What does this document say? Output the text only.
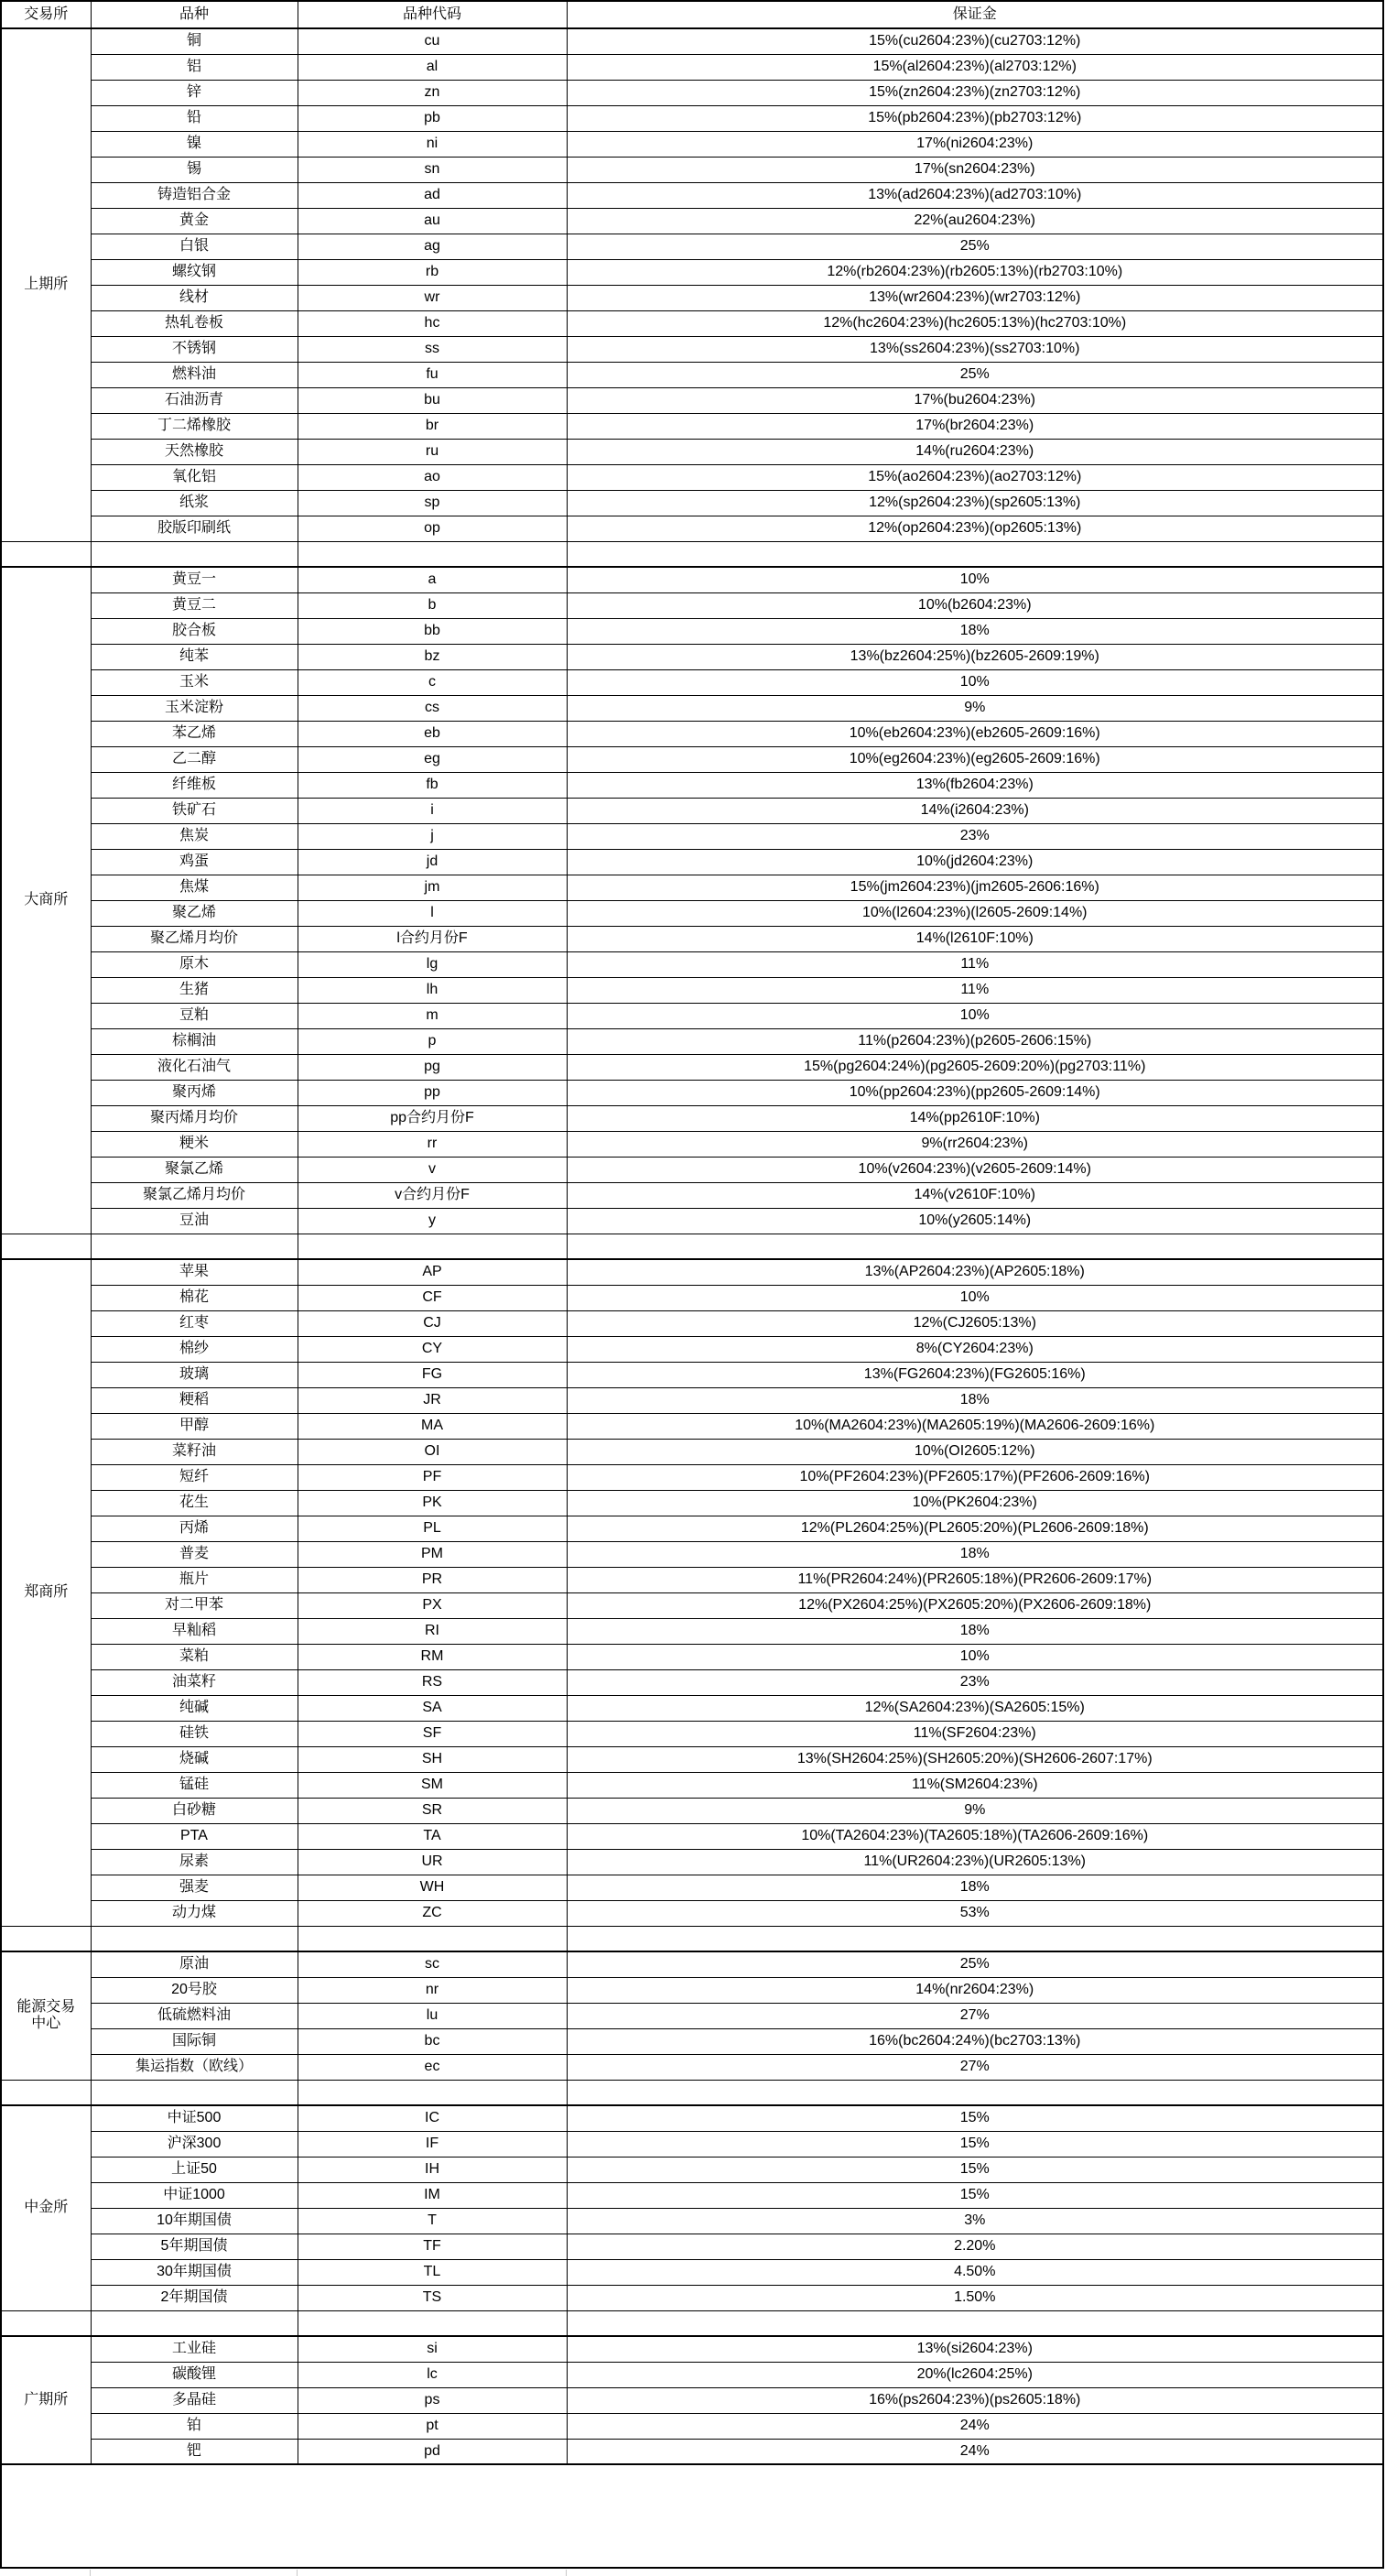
交易所	品种	品种代码	保证金
上期所	铜	cu	15%(cu2604:23%)(cu2703:12%)
	铝	al	15%(al2604:23%)(al2703:12%)
	锌	zn	15%(zn2604:23%)(zn2703:12%)
	铅	pb	15%(pb2604:23%)(pb2703:12%)
	镍	ni	17%(ni2604:23%)
	锡	sn	17%(sn2604:23%)
	铸造铝合金	ad	13%(ad2604:23%)(ad2703:10%)
	黄金	au	22%(au2604:23%)
	白银	ag	25%
	螺纹钢	rb	12%(rb2604:23%)(rb2605:13%)(rb2703:10%)
	线材	wr	13%(wr2604:23%)(wr2703:12%)
	热轧卷板	hc	12%(hc2604:23%)(hc2605:13%)(hc2703:10%)
	不锈钢	ss	13%(ss2604:23%)(ss2703:10%)
	燃料油	fu	25%
	石油沥青	bu	17%(bu2604:23%)
	丁二烯橡胶	br	17%(br2604:23%)
	天然橡胶	ru	14%(ru2604:23%)
	氧化铝	ao	15%(ao2604:23%)(ao2703:12%)
	纸浆	sp	12%(sp2604:23%)(sp2605:13%)
	胶版印刷纸	op	12%(op2604:23%)(op2605:13%)

大商所	黄豆一	a	10%
	黄豆二	b	10%(b2604:23%)
	胶合板	bb	18%
	纯苯	bz	13%(bz2604:25%)(bz2605-2609:19%)
	玉米	c	10%
	玉米淀粉	cs	9%
	苯乙烯	eb	10%(eb2604:23%)(eb2605-2609:16%)
	乙二醇	eg	10%(eg2604:23%)(eg2605-2609:16%)
	纤维板	fb	13%(fb2604:23%)
	铁矿石	i	14%(i2604:23%)
	焦炭	j	23%
	鸡蛋	jd	10%(jd2604:23%)
	焦煤	jm	15%(jm2604:23%)(jm2605-2606:16%)
	聚乙烯	l	10%(l2604:23%)(l2605-2609:14%)
	聚乙烯月均价	l合约月份F	14%(l2610F:10%)
	原木	lg	11%
	生猪	lh	11%
	豆粕	m	10%
	棕榈油	p	11%(p2604:23%)(p2605-2606:15%)
	液化石油气	pg	15%(pg2604:24%)(pg2605-2609:20%)(pg2703:11%)
	聚丙烯	pp	10%(pp2604:23%)(pp2605-2609:14%)
	聚丙烯月均价	pp合约月份F	14%(pp2610F:10%)
	粳米	rr	9%(rr2604:23%)
	聚氯乙烯	v	10%(v2604:23%)(v2605-2609:14%)
	聚氯乙烯月均价	v合约月份F	14%(v2610F:10%)
	豆油	y	10%(y2605:14%)

郑商所	苹果	AP	13%(AP2604:23%)(AP2605:18%)
	棉花	CF	10%
	红枣	CJ	12%(CJ2605:13%)
	棉纱	CY	8%(CY2604:23%)
	玻璃	FG	13%(FG2604:23%)(FG2605:16%)
	粳稻	JR	18%
	甲醇	MA	10%(MA2604:23%)(MA2605:19%)(MA2606-2609:16%)
	菜籽油	OI	10%(OI2605:12%)
	短纤	PF	10%(PF2604:23%)(PF2605:17%)(PF2606-2609:16%)
	花生	PK	10%(PK2604:23%)
	丙烯	PL	12%(PL2604:25%)(PL2605:20%)(PL2606-2609:18%)
	普麦	PM	18%
	瓶片	PR	11%(PR2604:24%)(PR2605:18%)(PR2606-2609:17%)
	对二甲苯	PX	12%(PX2604:25%)(PX2605:20%)(PX2606-2609:18%)
	早籼稻	RI	18%
	菜粕	RM	10%
	油菜籽	RS	23%
	纯碱	SA	12%(SA2604:23%)(SA2605:15%)
	硅铁	SF	11%(SF2604:23%)
	烧碱	SH	13%(SH2604:25%)(SH2605:20%)(SH2606-2607:17%)
	锰硅	SM	11%(SM2604:23%)
	白砂糖	SR	9%
	PTA	TA	10%(TA2604:23%)(TA2605:18%)(TA2606-2609:16%)
	尿素	UR	11%(UR2604:23%)(UR2605:13%)
	强麦	WH	18%
	动力煤	ZC	53%

能源交易中心	原油	sc	25%
	20号胶	nr	14%(nr2604:23%)
	低硫燃料油	lu	27%
	国际铜	bc	16%(bc2604:24%)(bc2703:13%)
	集运指数（欧线）	ec	27%

中金所	中证500	IC	15%
	沪深300	IF	15%
	上证50	IH	15%
	中证1000	IM	15%
	10年期国债	T	3%
	5年期国债	TF	2.20%
	30年期国债	TL	4.50%
	2年期国债	TS	1.50%

广期所	工业硅	si	13%(si2604:23%)
	碳酸锂	lc	20%(lc2604:25%)
	多晶硅	ps	16%(ps2604:23%)(ps2605:18%)
	铂	pt	24%
	钯	pd	24%
